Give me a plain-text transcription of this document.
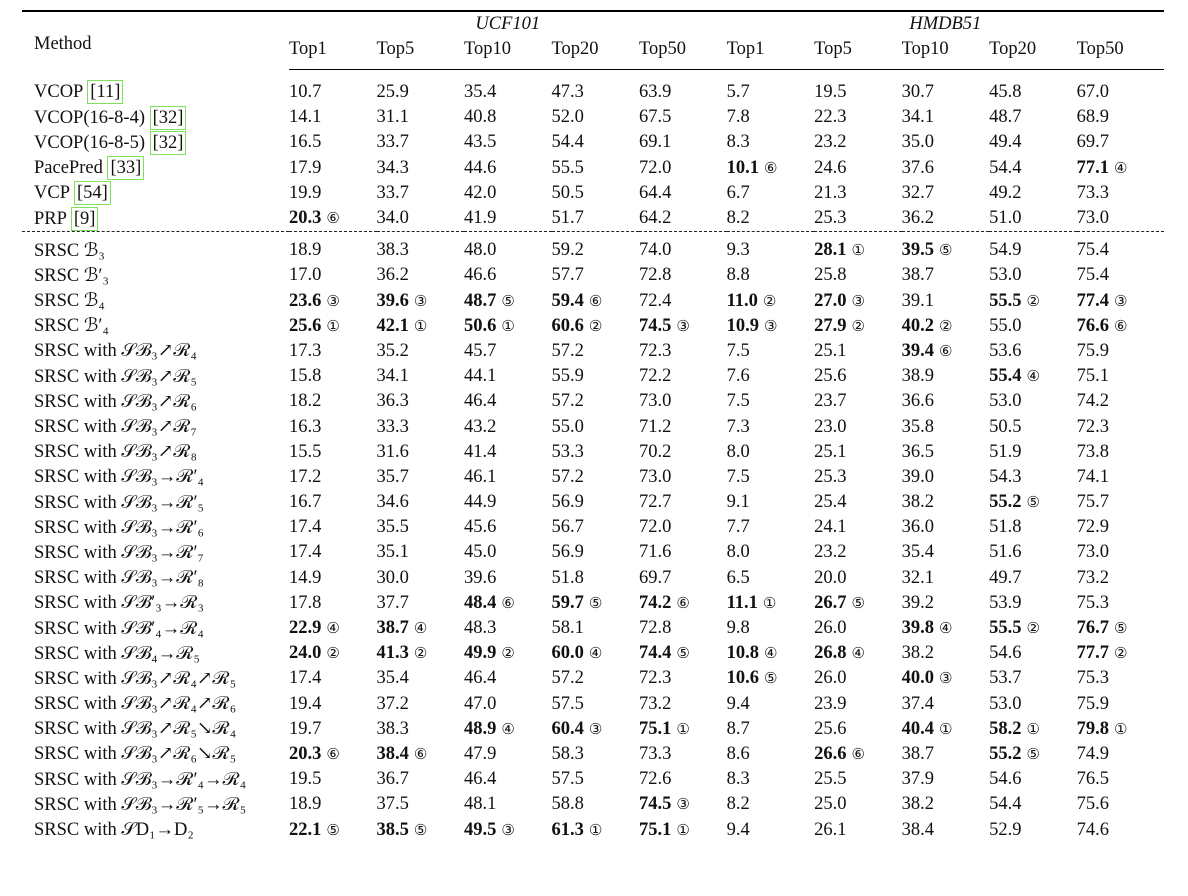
Method	UCF101					HMDB51				
	Top1	Top5	Top10	Top20	Top50	Top1	Top5	Top10	Top20	Top50
VCOP [11]	10.7	25.9	35.4	47.3	63.9	5.7	19.5	30.7	45.8	67.0
VCOP(16-8-4) [32]	14.1	31.1	40.8	52.0	67.5	7.8	22.3	34.1	48.7	68.9
VCOP(16-8-5) [32]	16.5	33.7	43.5	54.4	69.1	8.3	23.2	35.0	49.4	69.7
PacePred [33]	17.9	34.3	44.6	55.5	72.0	10.1 ⑥	24.6	37.6	54.4	77.1 ④
VCP [54]	19.9	33.7	42.0	50.5	64.4	6.7	21.3	32.7	49.2	73.3
PRP [9]	20.3 ⑥	34.0	41.9	51.7	64.2	8.2	25.3	36.2	51.0	73.0

SRSC ℬ₃	18.9	38.3	48.0	59.2	74.0	9.3	28.1 ①	39.5 ⑤	54.9	75.4
SRSC ℬ′₃	17.0	36.2	46.6	57.7	72.8	8.8	25.8	38.7	53.0	75.4
SRSC ℬ₄	23.6 ③	39.6 ③	48.7 ⑤	59.4 ⑥	72.4	11.0 ②	27.0 ③	39.1	55.5 ②	77.4 ③
SRSC ℬ′₄	25.6 ①	42.1 ①	50.6 ①	60.6 ②	74.5 ③	10.9 ③	27.9 ②	40.2 ②	55.0	76.6 ⑥
SRSC with 𝒮ℬ₃↗ℛ₄	17.3	35.2	45.7	57.2	72.3	7.5	25.1	39.4 ⑥	53.6	75.9
SRSC with 𝒮ℬ₃↗ℛ₅	15.8	34.1	44.1	55.9	72.2	7.6	25.6	38.9	55.4 ④	75.1
SRSC with 𝒮ℬ₃↗ℛ₆	18.2	36.3	46.4	57.2	73.0	7.5	23.7	36.6	53.0	74.2
SRSC with 𝒮ℬ₃↗ℛ₇	16.3	33.3	43.2	55.0	71.2	7.3	23.0	35.8	50.5	72.3
SRSC with 𝒮ℬ₃↗ℛ₈	15.5	31.6	41.4	53.3	70.2	8.0	25.1	36.5	51.9	73.8
SRSC with 𝒮ℬ₃→ℛ′₄	17.2	35.7	46.1	57.2	73.0	7.5	25.3	39.0	54.3	74.1
SRSC with 𝒮ℬ₃→ℛ′₅	16.7	34.6	44.9	56.9	72.7	9.1	25.4	38.2	55.2 ⑤	75.7
SRSC with 𝒮ℬ₃→ℛ′₆	17.4	35.5	45.6	56.7	72.0	7.7	24.1	36.0	51.8	72.9
SRSC with 𝒮ℬ₃→ℛ′₇	17.4	35.1	45.0	56.9	71.6	8.0	23.2	35.4	51.6	73.0
SRSC with 𝒮ℬ₃→ℛ′₈	14.9	30.0	39.6	51.8	69.7	6.5	20.0	32.1	49.7	73.2
SRSC with 𝒮ℬ′₃→ℛ₃	17.8	37.7	48.4 ⑥	59.7 ⑤	74.2 ⑥	11.1 ①	26.7 ⑤	39.2	53.9	75.3
SRSC with 𝒮ℬ′₄→ℛ₄	22.9 ④	38.7 ④	48.3	58.1	72.8	9.8	26.0	39.8 ④	55.5 ②	76.7 ⑤
SRSC with 𝒮ℬ₄→ℛ₅	24.0 ②	41.3 ②	49.9 ②	60.0 ④	74.4 ⑤	10.8 ④	26.8 ④	38.2	54.6	77.7 ②
SRSC with 𝒮ℬ₃↗ℛ₄↗ℛ₅	17.4	35.4	46.4	57.2	72.3	10.6 ⑤	26.0	40.0 ③	53.7	75.3
SRSC with 𝒮ℬ₃↗ℛ₄↗ℛ₆	19.4	37.2	47.0	57.5	73.2	9.4	23.9	37.4	53.0	75.9
SRSC with 𝒮ℬ₃↗ℛ₅↘ℛ₄	19.7	38.3	48.9 ④	60.4 ③	75.1 ①	8.7	25.6	40.4 ①	58.2 ①	79.8 ①
SRSC with 𝒮ℬ₃↗ℛ₆↘ℛ₅	20.3 ⑥	38.4 ⑥	47.9	58.3	73.3	8.6	26.6 ⑥	38.7	55.2 ⑤	74.9
SRSC with 𝒮ℬ₃→ℛ′₄→ℛ₄	19.5	36.7	46.4	57.5	72.6	8.3	25.5	37.9	54.6	76.5
SRSC with 𝒮ℬ₃→ℛ′₅→ℛ₅	18.9	37.5	48.1	58.8	74.5 ③	8.2	25.0	38.2	54.4	75.6
SRSC with 𝒮D₁→D₂	22.1 ⑤	38.5 ⑤	49.5 ③	61.3 ①	75.1 ①	9.4	26.1	38.4	52.9	74.6
